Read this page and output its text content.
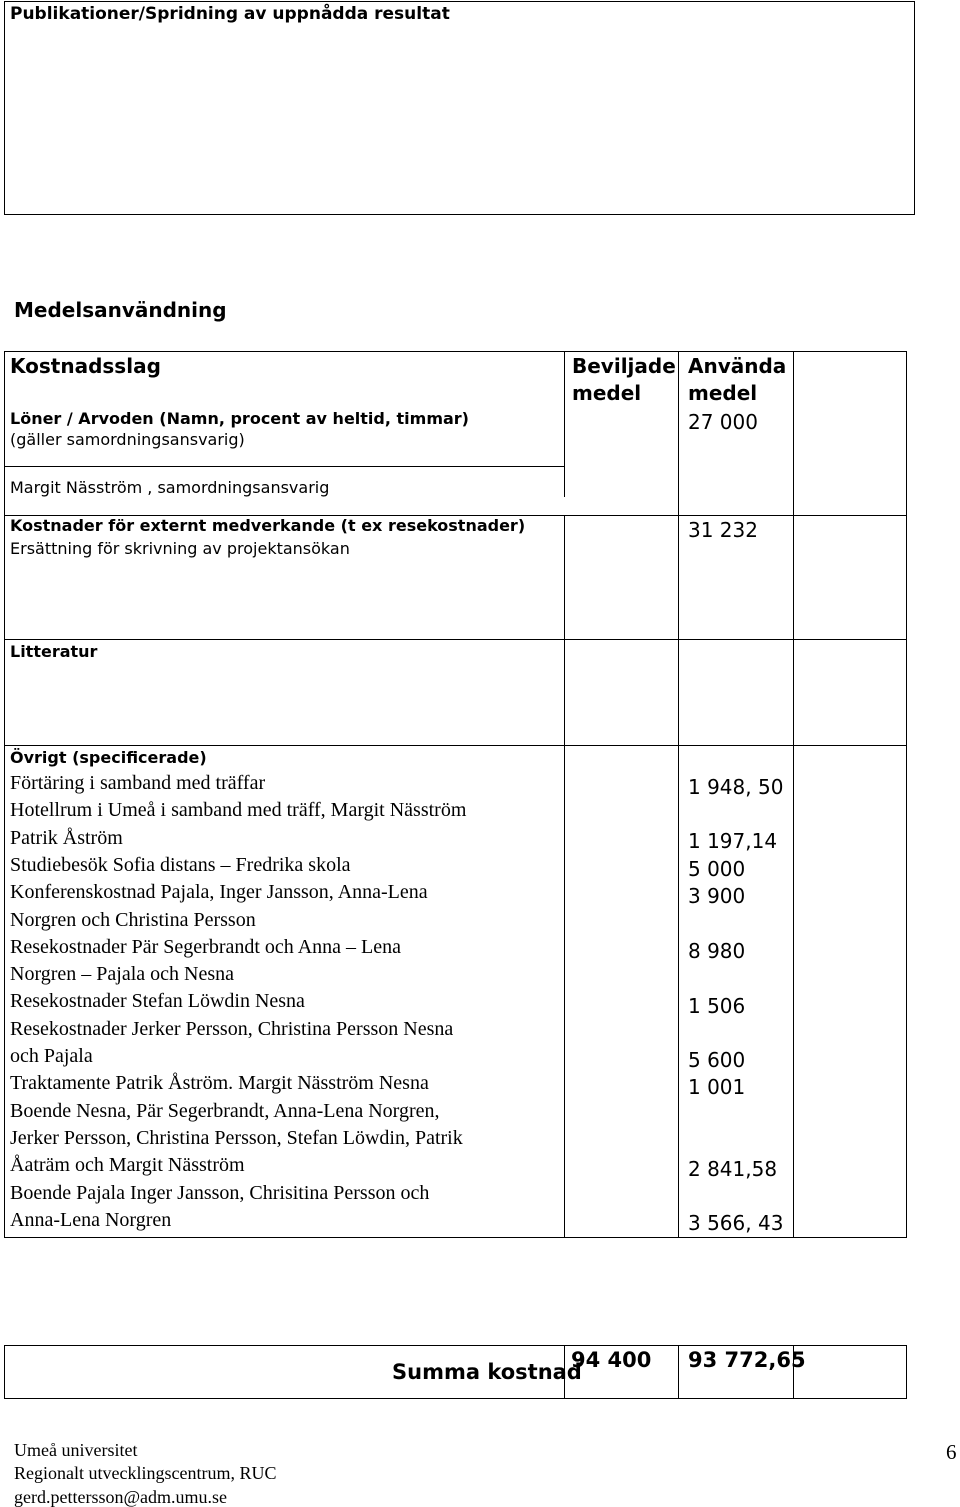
Publikationer/Spridning av uppnådda resultat
Medelsanvändning
Kostnadsslag	Beviljade
medel
Använda
medel
Löner / Arvoden (Namn, procent av heltid, timmar)
(gäller samordningsansvarig)
27 000
Margit Näsström , samordningsansvarig
Kostnader för externt medverkande (t ex resekostnader)
Ersättning för skrivning av projektansökan
31 232
Litteratur
Övrigt (specificerade)
Förtäring i samband med träffar
Hotellrum i Umeå i samband med träff, Margit Näsström
Patrik Åström
Studiebesök Sofia distans – Fredrika skola
Konferenskostnad Pajala, Inger Jansson, Anna-Lena
Norgren och Christina Persson
Resekostnader Pär Segerbrandt och Anna – Lena
Norgren – Pajala och Nesna
Resekostnader Stefan Löwdin Nesna
Resekostnader Jerker Persson, Christina Persson Nesna
och Pajala
Traktamente Patrik Åström. Margit Näsström Nesna
Boende Nesna, Pär Segerbrandt, Anna-Lena Norgren,
Jerker Persson, Christina Persson, Stefan Löwdin, Patrik
Åaträm och Margit Näsström
Boende Pajala Inger Jansson, Chrisitina Persson och
Anna-Lena Norgren
1 948, 50
1 197,14
5 000
3 900
8 980
1 506
5 600
1 001
2 841,58
3 566, 43
Summa kostnad
94 400 93 772,65
Umeå universitet
Regionalt utvecklingscentrum, RUC
gerd.pettersson@adm.umu.se
6
